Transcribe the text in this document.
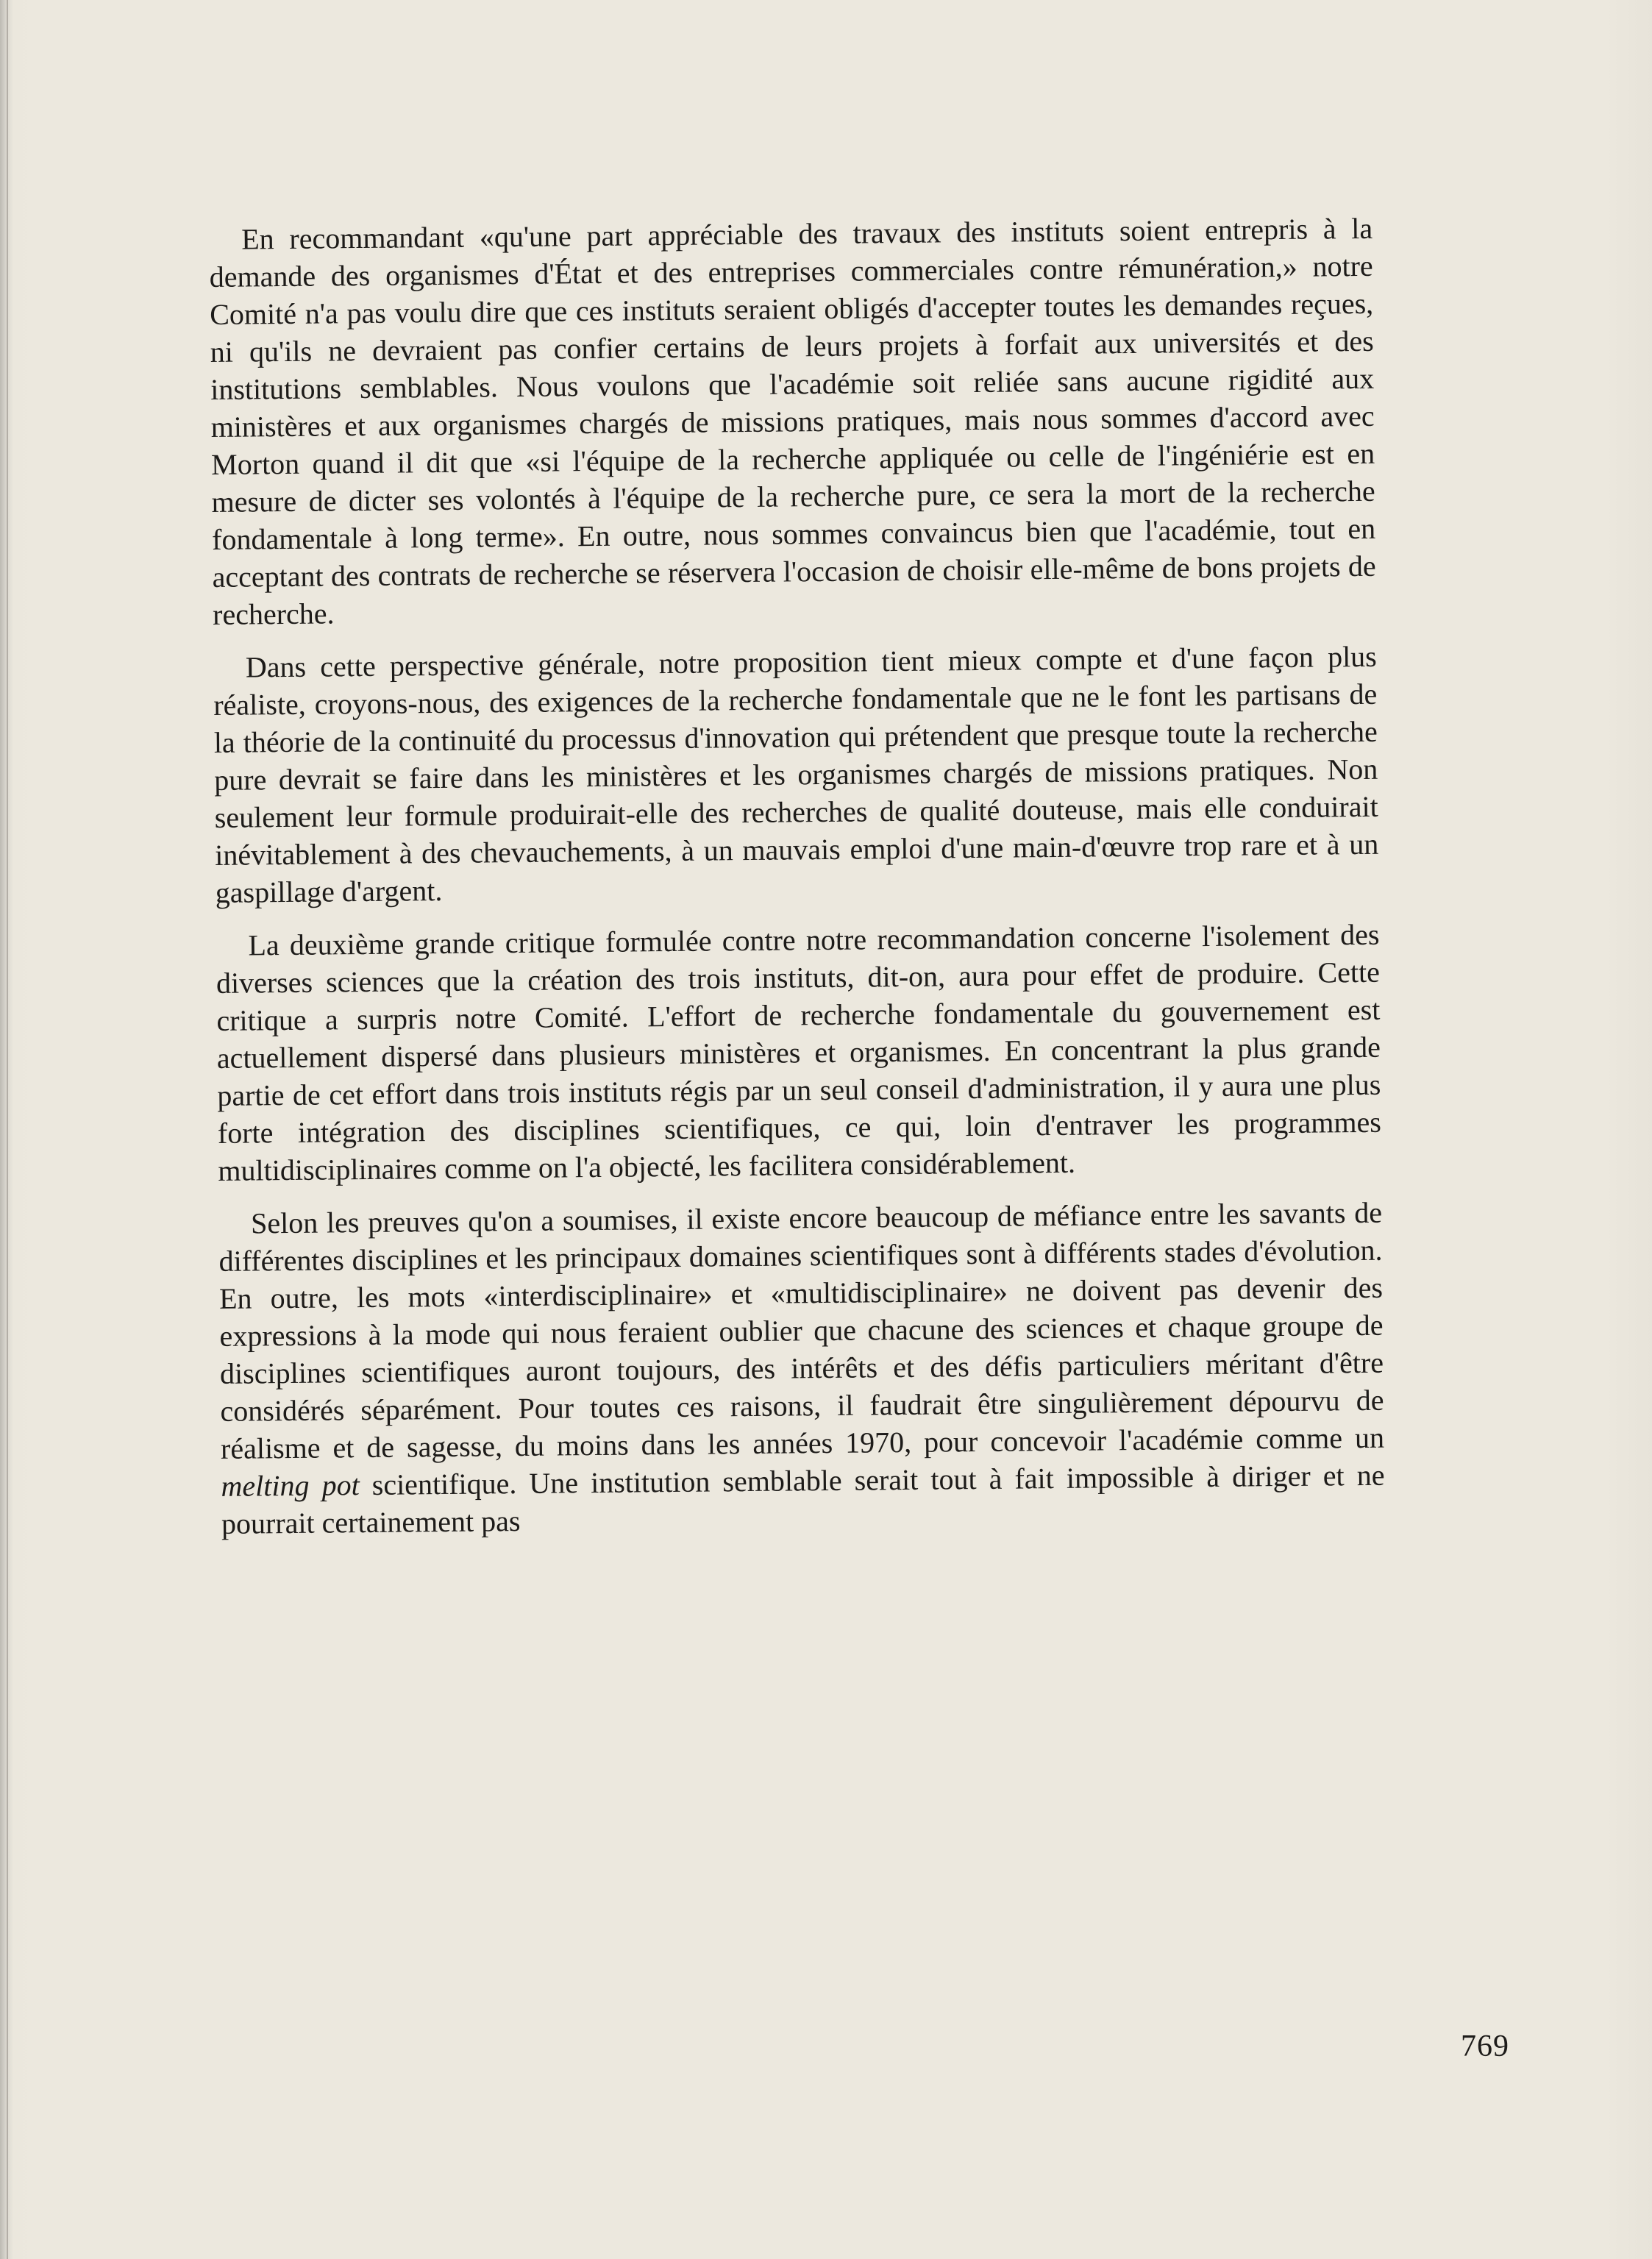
En recommandant «qu'une part appréciable des travaux des instituts soient entrepris à la demande des organismes d'État et des entreprises commerciales contre rémunération,» notre Comité n'a pas voulu dire que ces instituts seraient obligés d'accepter toutes les demandes reçues, ni qu'ils ne devraient pas confier certains de leurs projets à forfait aux universités et des institutions semblables. Nous voulons que l'académie soit reliée sans aucune rigidité aux ministères et aux organismes chargés de missions pratiques, mais nous sommes d'accord avec Morton quand il dit que «si l'équipe de la recherche appliquée ou celle de l'ingéniérie est en mesure de dicter ses volontés à l'équipe de la recherche pure, ce sera la mort de la recherche fondamentale à long terme». En outre, nous sommes convaincus bien que l'académie, tout en acceptant des contrats de recherche se réservera l'occasion de choisir elle-même de bons projets de recherche.

Dans cette perspective générale, notre proposition tient mieux compte et d'une façon plus réaliste, croyons-nous, des exigences de la recherche fondamentale que ne le font les partisans de la théorie de la continuité du processus d'innovation qui prétendent que presque toute la recherche pure devrait se faire dans les ministères et les organismes chargés de missions pratiques. Non seulement leur formule produirait-elle des recherches de qualité douteuse, mais elle conduirait inévitablement à des chevauchements, à un mauvais emploi d'une main-d'œuvre trop rare et à un gaspillage d'argent.

La deuxième grande critique formulée contre notre recommandation concerne l'isolement des diverses sciences que la création des trois instituts, dit-on, aura pour effet de produire. Cette critique a surpris notre Comité. L'effort de recherche fondamentale du gouvernement est actuellement dispersé dans plusieurs ministères et organismes. En concentrant la plus grande partie de cet effort dans trois instituts régis par un seul conseil d'administration, il y aura une plus forte intégration des disciplines scientifiques, ce qui, loin d'entraver les programmes multidisciplinaires comme on l'a objecté, les facilitera considérablement.

Selon les preuves qu'on a soumises, il existe encore beaucoup de méfiance entre les savants de différentes disciplines et les principaux domaines scientifiques sont à différents stades d'évolution. En outre, les mots «interdisciplinaire» et «multidisciplinaire» ne doivent pas devenir des expressions à la mode qui nous feraient oublier que chacune des sciences et chaque groupe de disciplines scientifiques auront toujours, des intérêts et des défis particuliers méritant d'être considérés séparément. Pour toutes ces raisons, il faudrait être singulièrement dépourvu de réalisme et de sagesse, du moins dans les années 1970, pour concevoir l'académie comme un melting pot scientifique. Une institution semblable serait tout à fait impossible à diriger et ne pourrait certainement pas

769
